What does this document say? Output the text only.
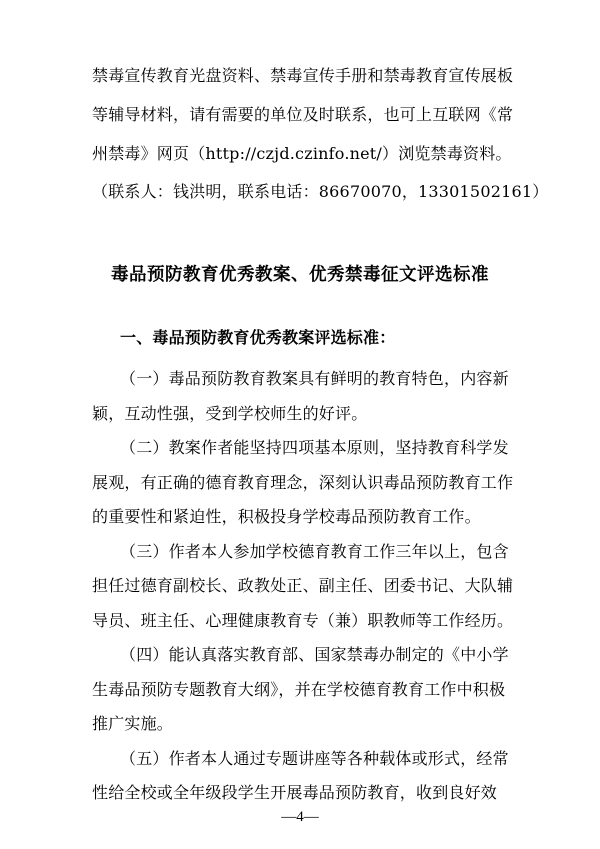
禁毒宣传教育光盘资料、禁毒宣传手册和禁毒教育宣传展板
等辅导材料，请有需要的单位及时联系，也可上互联网《常
州禁毒》网页（http://czjd.czinfo.net/）浏览禁毒资料。
（联系人：钱洪明，联系电话：86670070，13301502161）
毒品预防教育优秀教案、优秀禁毒征文评选标准
一、毒品预防教育优秀教案评选标准：
（一）毒品预防教育教案具有鲜明的教育特色，内容新
颖，互动性强，受到学校师生的好评。
（二）教案作者能坚持四项基本原则，坚持教育科学发
展观，有正确的德育教育理念，深刻认识毒品预防教育工作
的重要性和紧迫性，积极投身学校毒品预防教育工作。
（三）作者本人参加学校德育教育工作三年以上，包含
担任过德育副校长、政教处正、副主任、团委书记、大队辅
导员、班主任、心理健康教育专（兼）职教师等工作经历。
（四）能认真落实教育部、国家禁毒办制定的《中小学
生毒品预防专题教育大纲》，并在学校德育教育工作中积极
推广实施。
（五）作者本人通过专题讲座等各种载体或形式，经常
性给全校或全年级段学生开展毒品预防教育，收到良好效
—4—
